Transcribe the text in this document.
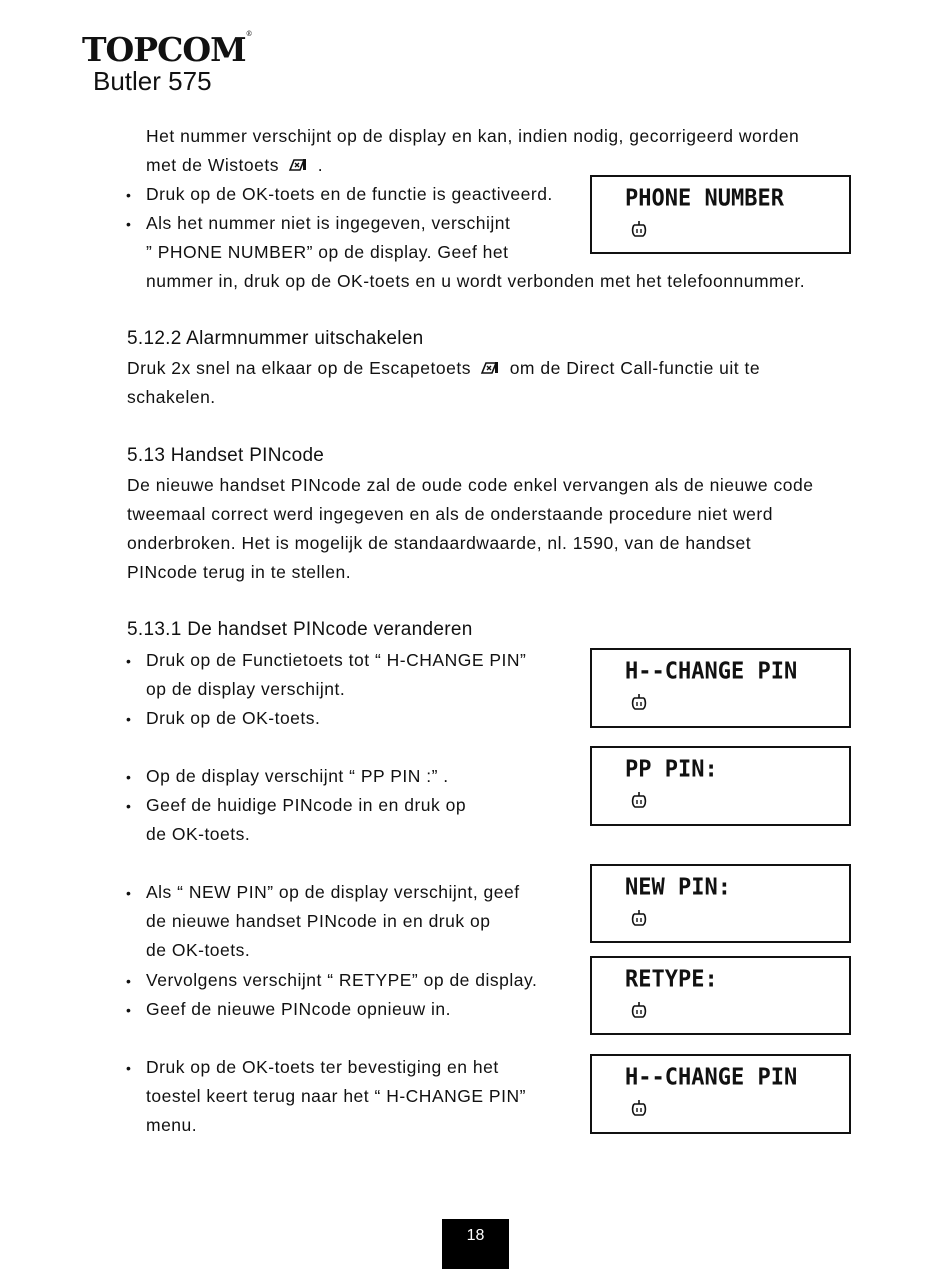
TOPCOM®
Butler 575
Het nummer verschijnt op de display en kan, indien nodig, gecorrigeerd worden
met de Wistoets .
• Druk op de OK-toets en de functie is geactiveerd.
• Als het nummer niet is ingegeven, verschijnt
” PHONE NUMBER” op de display. Geef het
nummer in, druk op de OK-toets en u wordt verbonden met het telefoonnummer.
PHONE NUMBER
5.12.2 Alarmnummer uitschakelen
Druk 2x snel na elkaar op de Escapetoets om de Direct Call-functie uit te
schakelen.
5.13 Handset PINcode
De nieuwe handset PINcode zal de oude code enkel vervangen als de nieuwe code
tweemaal correct werd ingegeven en als de onderstaande procedure niet werd
onderbroken. Het is mogelijk de standaardwaarde, nl. 1590, van de handset
PINcode terug in te stellen.
5.13.1 De handset PINcode veranderen
• Druk op de Functietoets tot “ H-CHANGE PIN”
op de display verschijnt.
• Druk op de OK-toets.
• Op de display verschijnt “ PP PIN :” .
• Geef de huidige PINcode in en druk op
de OK-toets.
• Als “ NEW PIN” op de display verschijnt, geef
de nieuwe handset PINcode in en druk op
de OK-toets.
• Vervolgens verschijnt “ RETYPE” op de display.
• Geef de nieuwe PINcode opnieuw in.
• Druk op de OK-toets ter bevestiging en het
toestel keert terug naar het “ H-CHANGE PIN”
menu.
H--CHANGE PIN
PP PIN:
NEW PIN:
RETYPE:
H--CHANGE PIN
18
